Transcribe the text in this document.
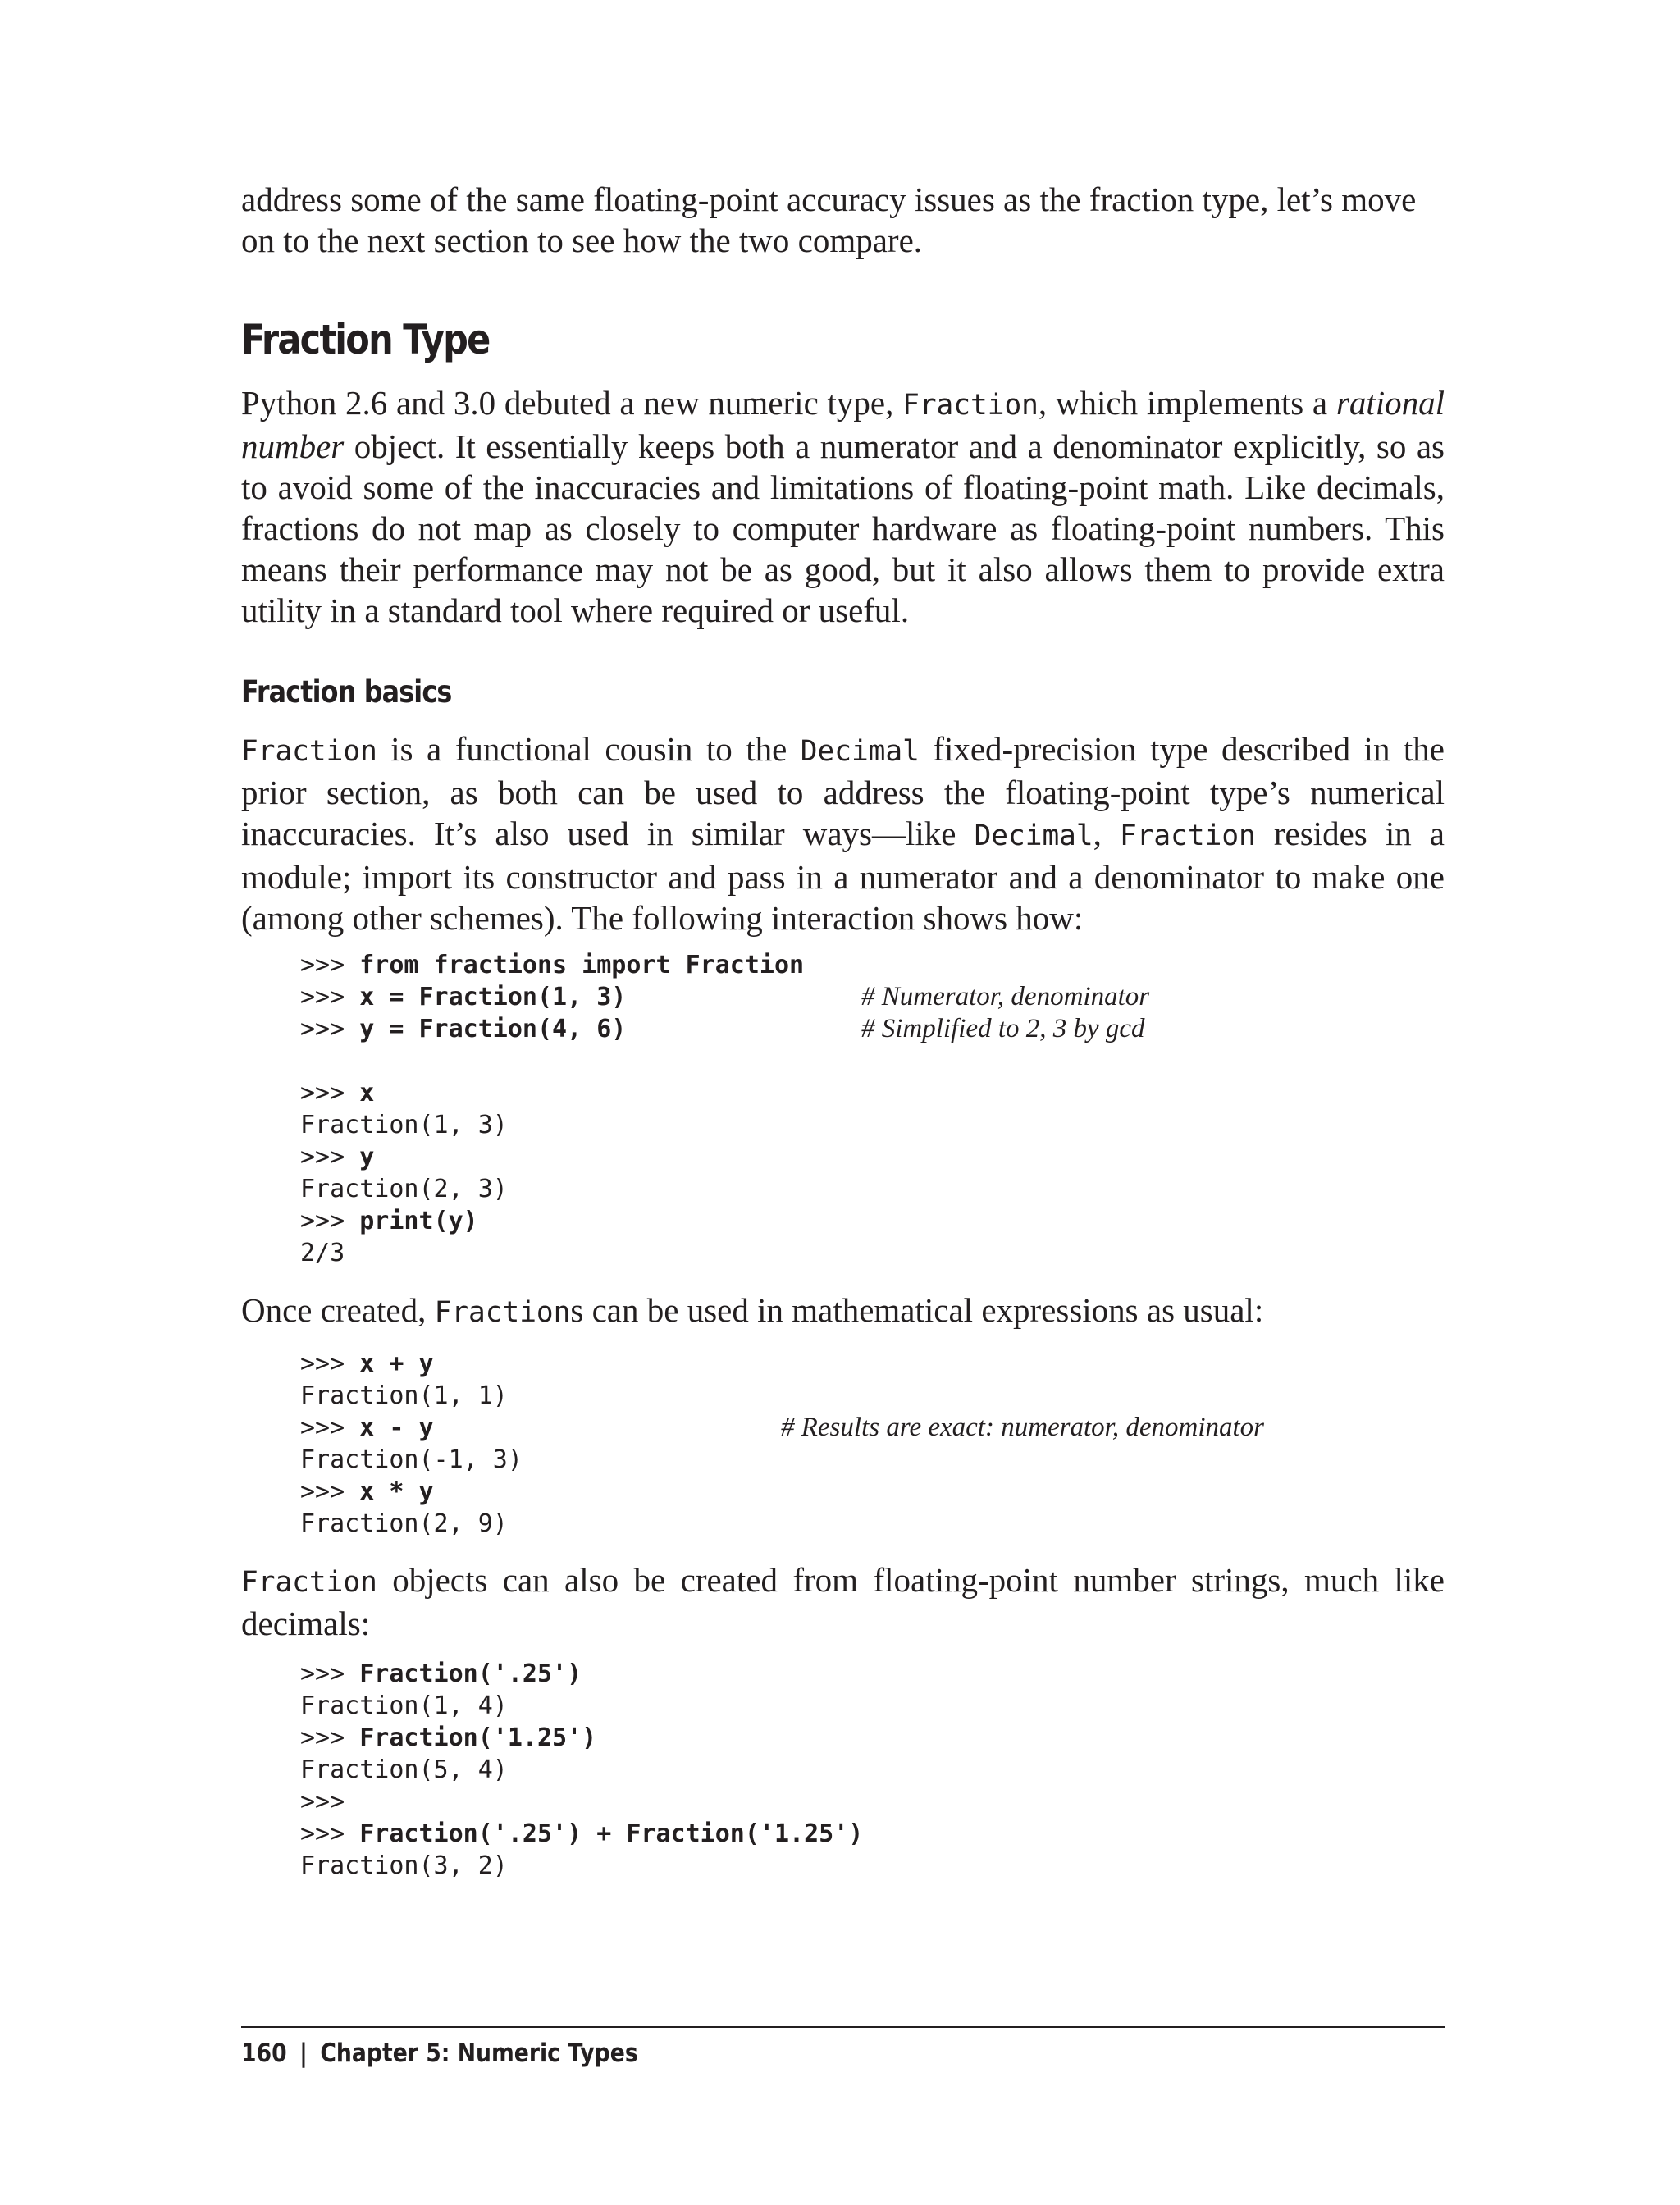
address some of the same floating-point accuracy issues as the fraction type, let’s move
on to the next section to see how the two compare.

Fraction Type

Python 2.6 and 3.0 debuted a new numeric type, Fraction, which implements a rational number object. It essentially keeps both a numerator and a denominator explicitly, so as to avoid some of the inaccuracies and limitations of floating-point math. Like decimals, fractions do not map as closely to computer hardware as floating-point numbers. This means their performance may not be as good, but it also allows them to provide extra utility in a standard tool where required or useful.

Fraction basics

Fraction is a functional cousin to the Decimal fixed-precision type described in the prior section, as both can be used to address the floating-point type’s numerical inaccuracies. It’s also used in similar ways—like Decimal, Fraction resides in a module; import its constructor and pass in a numerator and a denominator to make one (among other schemes). The following interaction shows how:

>>> from fractions import Fraction
>>> x = Fraction(1, 3)	# Numerator, denominator
>>> y = Fraction(4, 6)	# Simplified to 2, 3 by gcd
>>> x
Fraction(1, 3)
>>> y
Fraction(2, 3)
>>> print(y)
2/3

Once created, Fractions can be used in mathematical expressions as usual:

>>> x + y
Fraction(1, 1)
>>> x - y	# Results are exact: numerator, denominator
Fraction(-1, 3)
>>> x * y
Fraction(2, 9)

Fraction objects can also be created from floating-point number strings, much like decimals:

>>> Fraction('.25')
Fraction(1, 4)
>>> Fraction('1.25')
Fraction(5, 4)
>>>
>>> Fraction('.25') + Fraction('1.25')
Fraction(3, 2)
160 | Chapter 5: Numeric Types
